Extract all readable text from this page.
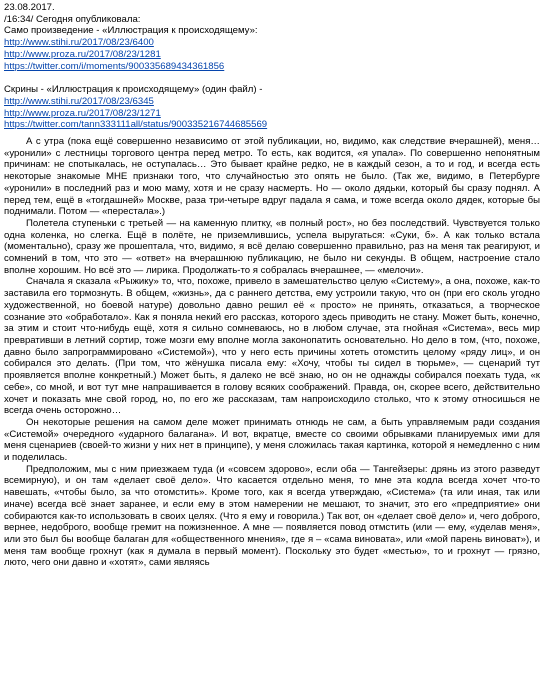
23.08.2017.
/16:34/ Сегодня опубликовала:
Само произведение - «Иллюстрация к происходящему»:
http://www.stihi.ru/2017/08/23/6400
http://www.proza.ru/2017/08/23/1281
https://twitter.com/i/moments/900335689434361856
Скрины - «Иллюстрация к происходящему» (один файл) -
http://www.stihi.ru/2017/08/23/6345
http://www.proza.ru/2017/08/23/1271
https://twitter.com/tann333111all/status/900335216744685569

А с утра (пока ещё совершенно независимо от этой публикации, но, видимо, как следствие вчерашней), меня… «уронили» с лестницы торгового центра перед метро. То есть, как водится, «я упала». По совершенно непонятным причинам: не спотыкалась, не оступалась… Это бывает крайне редко, не в каждый сезон, а то и год, и всегда есть некоторые знакомые МНЕ признаки того, что случайностью это опять не было. (Так же, видимо, в Петербурге «уронили» в последний раз и мою маму, хотя и не сразу насмерть. Но — около дядьки, который бы сразу поднял. А перед тем, ещё в «тогдашней» Москве, раза три-четыре вдруг падала я сама, и тоже всегда около дядек, которые бы поднимали. Потом — «перестала».)

Полетела ступеньки с третьей — на каменную плитку, «в полный рост», но без последствий. Чувствуется только одна коленка, но слегка. Ещё в полёте, не приземлившись, успела выругаться: «Суки, б». А как только встала (моментально), сразу же прошептала, что, видимо, я всё делаю совершенно правильно, раз на меня так реагируют, и сомнений в том, что это — «ответ» на вчерашнюю публикацию, не было ни секунды. В общем, настроение стало вполне хорошим. Но всё это — лирика. Продолжать-то я собралась вчерашнее, — «мелочи».

Сначала я сказала «Рыжику» то, что, похоже, привело в замешательство целую «Систему», а она, похоже, как-то заставила его тормознуть. В общем, «жизнь», да с раннего детства, ему устроили такую, что он (при его сколь угодно художественной, но боевой натуре) довольно давно решил её « просто» не принять, отказаться, а творческое сознание это «обработало». Как я поняла некий его рассказ, которого здесь приводить не стану. Может быть, конечно, за этим и стоит что-нибудь ещё, хотя я сильно сомневаюсь, но в любом случае, эта гнойная «Система», весь мир превративши в летний сортир, тоже мозги ему вполне могла законопатить основательно. Но дело в том, (что, похоже, давно было запрограммировано «Системой»), что у него есть причины хотеть отомстить целому «ряду лиц», и он собирался это делать. (При том, что жёнушка писала ему: «Хочу, чтобы ты сидел в тюрьме», — сценарий тут проявляется вполне конкретный.) Может быть, я далеко не всё знаю, но он не однажды собирался поехать туда, «к себе», со мной, и вот тут мне напрашивается в голову всяких соображений. Правда, он, скорее всего, действительно хочет и показать мне свой город, но, по его же рассказам, там напроисходило столько, что к этому относишься не всегда очень осторожно…

Он некоторые решения на самом деле может принимать отнюдь не сам, а быть управляемым ради создания «Системой» очередного «ударного балагана». И вот, вкратце, вместе со своими обрывками планируемых ими для меня сценариев (своей-то жизни у них нет в принципе), у меня сложилась такая картинка, которой я немедленно с ним и поделилась.

Предположим, мы с ним приезжаем туда (и «совсем здорово», если оба — Тангейзеры: дрянь из этого разведут всемирную), и он там «делает своё дело». Что касается отдельно меня, то мне эта кодла всегда хочет что-то навешать, «чтобы было, за что отомстить». Кроме того, как я всегда утверждаю, «Система» (та или иная, так или иначе) всегда всё знает заранее, и если ему в этом намерении не мешают, то значит, это его «предприятие» они собираются как-то использовать в своих целях. (Что я ему и говорила.) Так вот, он «делает своё дело» и, чего доброго, вернее, недоброго, вообще гремит на пожизненное. А мне — появляется повод отмстить (или — ему, «уделав меня», или это был бы вообще балаган для «общественного мнения», где я – «сама виновата», или «мой парень виноват»), и меня там вообще грохнут (как я думала в первый момент). Поскольку это будет «местью», то и грохнут — грязно, люто, чего они давно и «хотят», сами являясь
